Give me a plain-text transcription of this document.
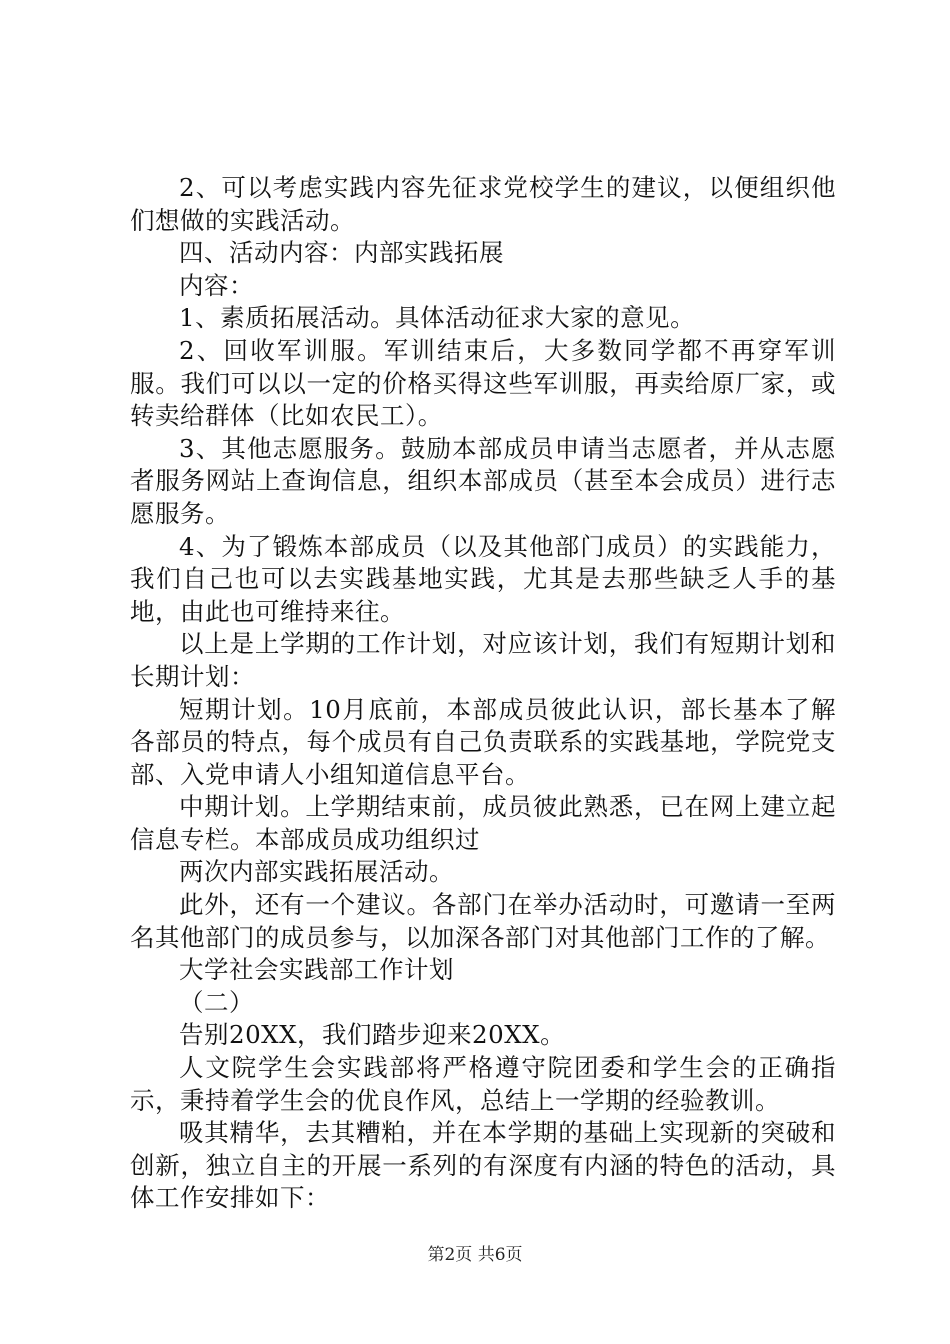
2、可以考虑实践内容先征求党校学生的建议，以便组织他们想做的实践活动。

四、活动内容：内部实践拓展

内容：

1、素质拓展活动。具体活动征求大家的意见。

2、回收军训服。军训结束后，大多数同学都不再穿军训服。我们可以以一定的价格买得这些军训服，再卖给原厂家，或转卖给群体（比如农民工）。

3、其他志愿服务。鼓励本部成员申请当志愿者，并从志愿者服务网站上查询信息，组织本部成员（甚至本会成员）进行志愿服务。

4、为了锻炼本部成员（以及其他部门成员）的实践能力，我们自己也可以去实践基地实践，尤其是去那些缺乏人手的基地，由此也可维持来往。

以上是上学期的工作计划，对应该计划，我们有短期计划和长期计划：

短期计划。10月底前，本部成员彼此认识，部长基本了解各部员的特点，每个成员有自己负责联系的实践基地，学院党支部、入党申请人小组知道信息平台。

中期计划。上学期结束前，成员彼此熟悉，已在网上建立起信息专栏。本部成员成功组织过

两次内部实践拓展活动。

此外，还有一个建议。各部门在举办活动时，可邀请一至两名其他部门的成员参与，以加深各部门对其他部门工作的了解。

大学社会实践部工作计划

（二）

告别20XX，我们踏步迎来20XX。

人文院学生会实践部将严格遵守院团委和学生会的正确指示，秉持着学生会的优良作风，总结上一学期的经验教训。

吸其精华，去其糟粕，并在本学期的基础上实现新的突破和创新，独立自主的开展一系列的有深度有内涵的特色的活动，具体工作安排如下：

第2页 共6页
